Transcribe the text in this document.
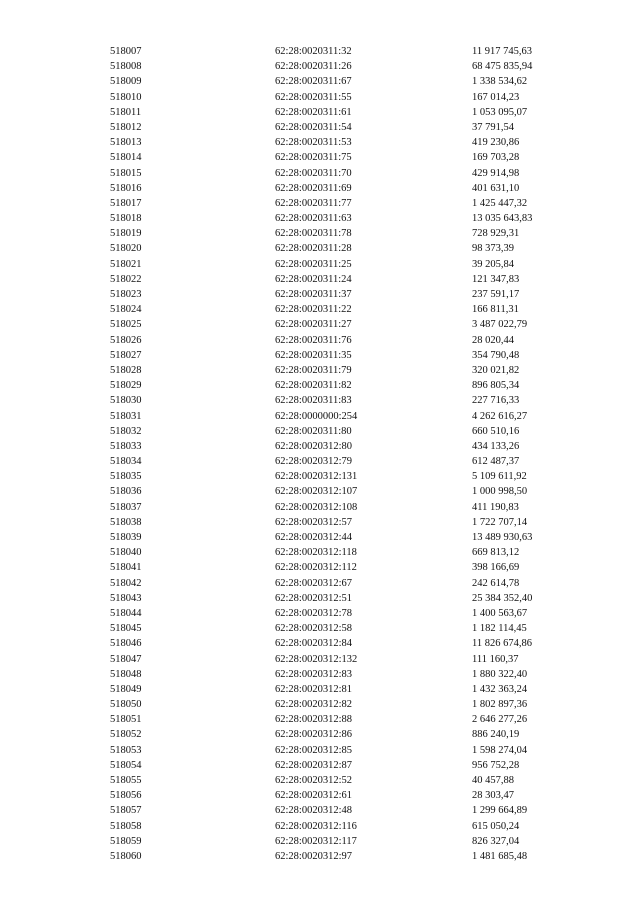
518007	62:28:0020311:32	11 917 745,63
518008	62:28:0020311:26	68 475 835,94
518009	62:28:0020311:67	1 338 534,62
518010	62:28:0020311:55	167 014,23
518011	62:28:0020311:61	1 053 095,07
518012	62:28:0020311:54	37 791,54
518013	62:28:0020311:53	419 230,86
518014	62:28:0020311:75	169 703,28
518015	62:28:0020311:70	429 914,98
518016	62:28:0020311:69	401 631,10
518017	62:28:0020311:77	1 425 447,32
518018	62:28:0020311:63	13 035 643,83
518019	62:28:0020311:78	728 929,31
518020	62:28:0020311:28	98 373,39
518021	62:28:0020311:25	39 205,84
518022	62:28:0020311:24	121 347,83
518023	62:28:0020311:37	237 591,17
518024	62:28:0020311:22	166 811,31
518025	62:28:0020311:27	3 487 022,79
518026	62:28:0020311:76	28 020,44
518027	62:28:0020311:35	354 790,48
518028	62:28:0020311:79	320 021,82
518029	62:28:0020311:82	896 805,34
518030	62:28:0020311:83	227 716,33
518031	62:28:0000000:254	4 262 616,27
518032	62:28:0020311:80	660 510,16
518033	62:28:0020312:80	434 133,26
518034	62:28:0020312:79	612 487,37
518035	62:28:0020312:131	5 109 611,92
518036	62:28:0020312:107	1 000 998,50
518037	62:28:0020312:108	411 190,83
518038	62:28:0020312:57	1 722 707,14
518039	62:28:0020312:44	13 489 930,63
518040	62:28:0020312:118	669 813,12
518041	62:28:0020312:112	398 166,69
518042	62:28:0020312:67	242 614,78
518043	62:28:0020312:51	25 384 352,40
518044	62:28:0020312:78	1 400 563,67
518045	62:28:0020312:58	1 182 114,45
518046	62:28:0020312:84	11 826 674,86
518047	62:28:0020312:132	111 160,37
518048	62:28:0020312:83	1 880 322,40
518049	62:28:0020312:81	1 432 363,24
518050	62:28:0020312:82	1 802 897,36
518051	62:28:0020312:88	2 646 277,26
518052	62:28:0020312:86	886 240,19
518053	62:28:0020312:85	1 598 274,04
518054	62:28:0020312:87	956 752,28
518055	62:28:0020312:52	40 457,88
518056	62:28:0020312:61	28 303,47
518057	62:28:0020312:48	1 299 664,89
518058	62:28:0020312:116	615 050,24
518059	62:28:0020312:117	826 327,04
518060	62:28:0020312:97	1 481 685,48
